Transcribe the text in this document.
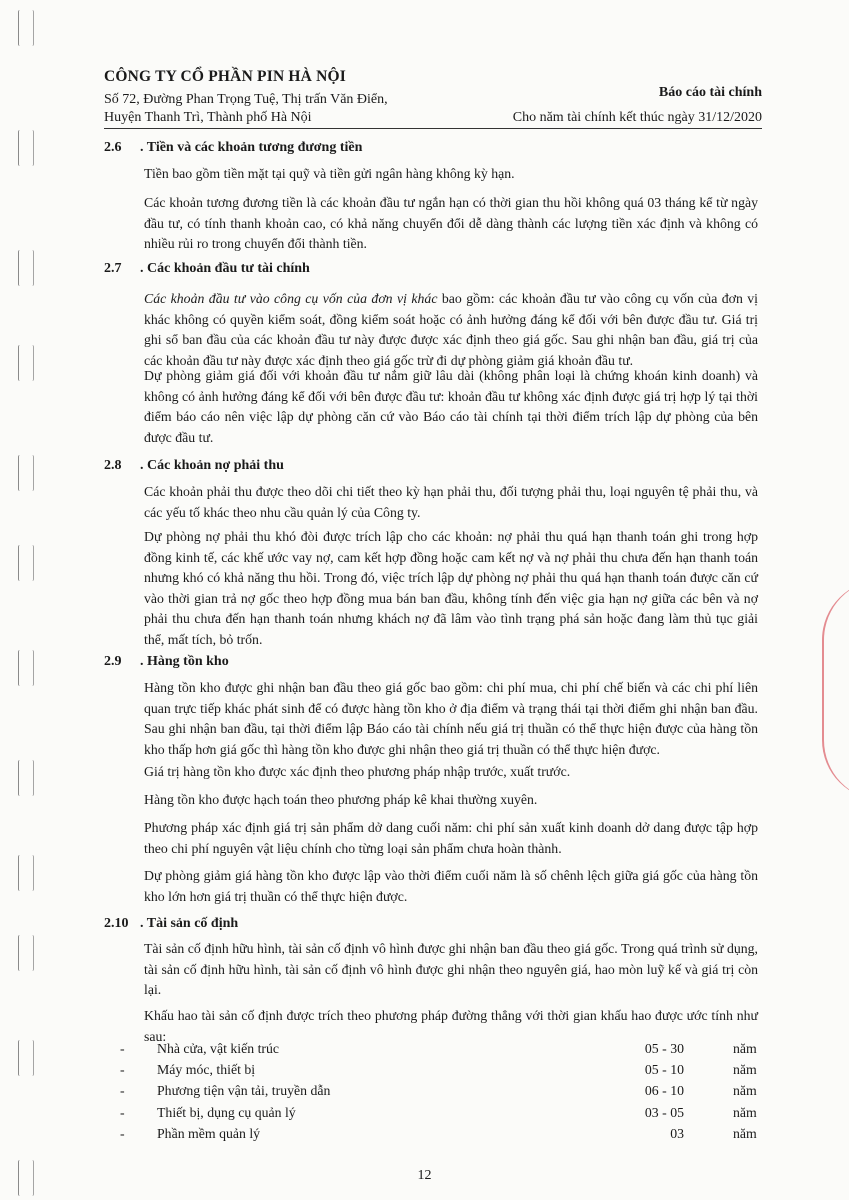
CÔNG TY CỔ PHẦN PIN HÀ NỘI
Số 72, Đường Phan Trọng Tuệ, Thị trấn Văn Điển,
Huyện Thanh Trì, Thành phố Hà Nội
Báo cáo tài chính
Cho năm tài chính kết thúc ngày 31/12/2020
2.6 . Tiền và các khoản tương đương tiền

Tiền bao gồm tiền mặt tại quỹ và tiền gửi ngân hàng không kỳ hạn.

Các khoản tương đương tiền là các khoản đầu tư ngắn hạn có thời gian thu hồi không quá 03 tháng kể từ ngày đầu tư, có tính thanh khoản cao, có khả năng chuyển đổi dễ dàng thành các lượng tiền xác định và không có nhiều rủi ro trong chuyển đổi thành tiền.

2.7 . Các khoản đầu tư tài chính

Các khoản đầu tư vào công cụ vốn của đơn vị khác bao gồm: các khoản đầu tư vào công cụ vốn của đơn vị khác không có quyền kiểm soát, đồng kiểm soát hoặc có ảnh hưởng đáng kể đối với bên được đầu tư. Giá trị ghi sổ ban đầu của các khoản đầu tư này được được xác định theo giá gốc. Sau ghi nhận ban đầu, giá trị của các khoản đầu tư này được xác định theo giá gốc trừ đi dự phòng giảm giá khoản đầu tư.

Dự phòng giảm giá đối với khoản đầu tư nắm giữ lâu dài (không phân loại là chứng khoán kinh doanh) và không có ảnh hưởng đáng kể đối với bên được đầu tư: khoản đầu tư không xác định được giá trị hợp lý tại thời điểm báo cáo nên việc lập dự phòng căn cứ vào Báo cáo tài chính tại thời điểm trích lập dự phòng của bên được đầu tư.

2.8 . Các khoản nợ phải thu

Các khoản phải thu được theo dõi chi tiết theo kỳ hạn phải thu, đối tượng phải thu, loại nguyên tệ phải thu, và các yếu tố khác theo nhu cầu quản lý của Công ty.

Dự phòng nợ phải thu khó đòi được trích lập cho các khoản: nợ phải thu quá hạn thanh toán ghi trong hợp đồng kinh tế, các khế ước vay nợ, cam kết hợp đồng hoặc cam kết nợ và nợ phải thu chưa đến hạn thanh toán nhưng khó có khả năng thu hồi. Trong đó, việc trích lập dự phòng nợ phải thu quá hạn thanh toán được căn cứ vào thời gian trả nợ gốc theo hợp đồng mua bán ban đầu, không tính đến việc gia hạn nợ giữa các bên và nợ phải thu chưa đến hạn thanh toán nhưng khách nợ đã lâm vào tình trạng phá sản hoặc đang làm thủ tục giải thể, mất tích, bỏ trốn.

2.9 . Hàng tồn kho

Hàng tồn kho được ghi nhận ban đầu theo giá gốc bao gồm: chi phí mua, chi phí chế biến và các chi phí liên quan trực tiếp khác phát sinh để có được hàng tồn kho ở địa điểm và trạng thái tại thời điểm ghi nhận ban đầu. Sau ghi nhận ban đầu, tại thời điểm lập Báo cáo tài chính nếu giá trị thuần có thể thực hiện được của hàng tồn kho thấp hơn giá gốc thì hàng tồn kho được ghi nhận theo giá trị thuần có thể thực hiện được.

Giá trị hàng tồn kho được xác định theo phương pháp nhập trước, xuất trước.

Hàng tồn kho được hạch toán theo phương pháp kê khai thường xuyên.

Phương pháp xác định giá trị sản phẩm dở dang cuối năm: chi phí sản xuất kinh doanh dở dang được tập hợp theo chi phí nguyên vật liệu chính cho từng loại sản phẩm chưa hoàn thành.

Dự phòng giảm giá hàng tồn kho được lập vào thời điểm cuối năm là số chênh lệch giữa giá gốc của hàng tồn kho lớn hơn giá trị thuần có thể thực hiện được.

2.10 . Tài sản cố định

Tài sản cố định hữu hình, tài sản cố định vô hình được ghi nhận ban đầu theo giá gốc. Trong quá trình sử dụng, tài sản cố định hữu hình, tài sản cố định vô hình được ghi nhận theo nguyên giá, hao mòn luỹ kế và giá trị còn lại.

Khấu hao tài sản cố định được trích theo phương pháp đường thẳng với thời gian khấu hao được ước tính như sau:

- Nhà cửa, vật kiến trúc	05 - 30	năm
- Máy móc, thiết bị	05 - 10	năm
- Phương tiện vận tải, truyền dẫn	06 - 10	năm
- Thiết bị, dụng cụ quản lý	03 - 05	năm
- Phần mềm quản lý	03	năm
12
